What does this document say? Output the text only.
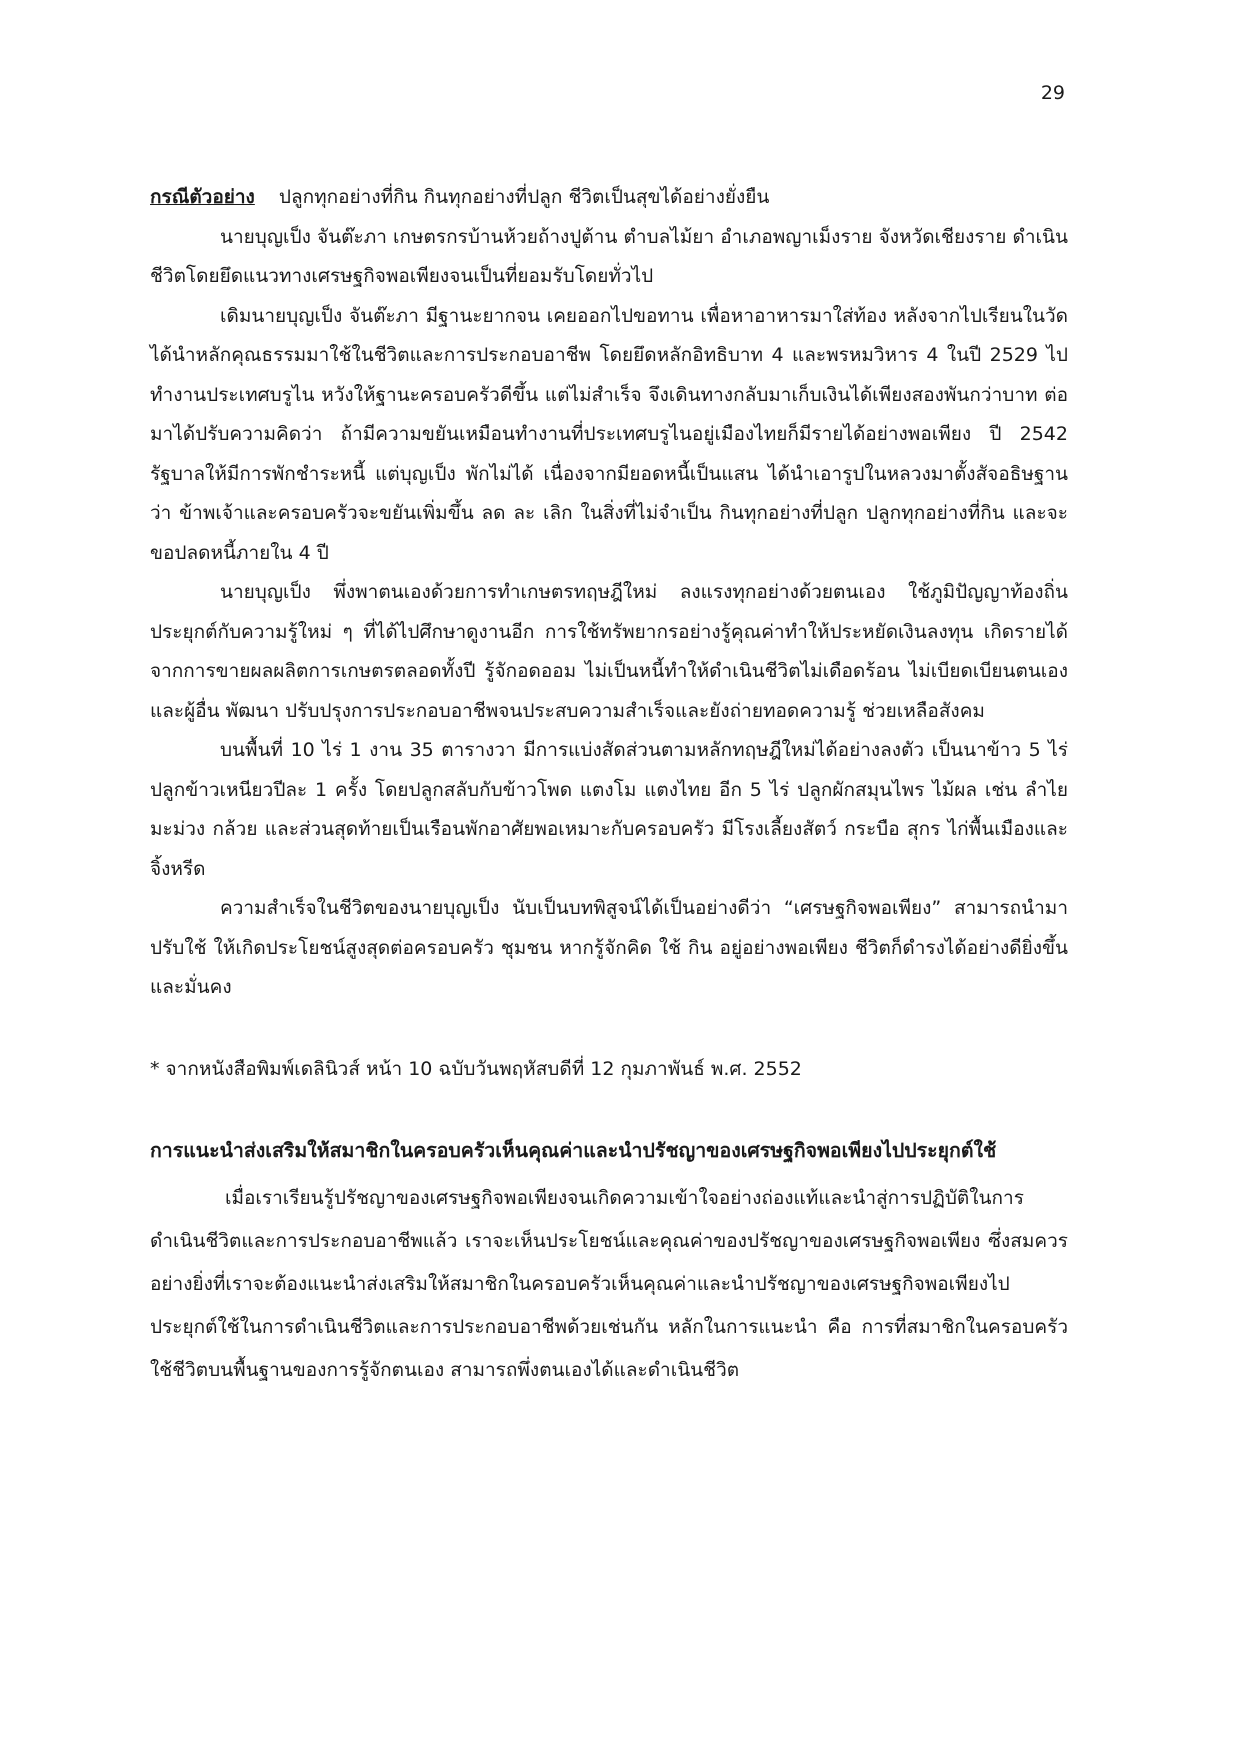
29

กรณีตัวอย่าง ปลูกทุกอย่างที่กิน กินทุกอย่างที่ปลูก ชีวิตเป็นสุขได้อย่างยั่งยืน

นายบุญเป็ง จันต๊ะภา เกษตรกรบ้านห้วยถ้างปูต้าน ตำบลไม้ยา อำเภอพญาเม็งราย จังหวัดเชียงราย ดำเนินชีวิตโดยยึดแนวทางเศรษฐกิจพอเพียงจนเป็นที่ยอมรับโดยทั่วไป

เดิมนายบุญเป็ง จันต๊ะภา มีฐานะยากจน เคยออกไปขอทาน เพื่อหาอาหารมาใส่ท้อง หลังจากไปเรียนในวัดได้นำหลักคุณธรรมมาใช้ในชีวิตและการประกอบอาชีพ โดยยึดหลักอิทธิบาท 4 และพรหมวิหาร 4 ในปี 2529 ไปทำงานประเทศบรูไน หวังให้ฐานะครอบครัวดีขึ้น แต่ไม่สำเร็จ จึงเดินทางกลับมาเก็บเงินได้เพียงสองพันกว่าบาท ต่อมาได้ปรับความคิดว่า ถ้ามีความขยันเหมือนทำงานที่ประเทศบรูไนอยู่เมืองไทยก็มีรายได้อย่างพอเพียง ปี 2542 รัฐบาลให้มีการพักชำระหนี้ แต่บุญเป็ง พักไม่ได้ เนื่องจากมียอดหนี้เป็นแสน ได้นำเอารูปในหลวงมาตั้งสัจอธิษฐานว่า ข้าพเจ้าและครอบครัวจะขยันเพิ่มขึ้น ลด ละ เลิก ในสิ่งที่ไม่จำเป็น กินทุกอย่างที่ปลูก ปลูกทุกอย่างที่กิน และจะขอปลดหนี้ภายใน 4 ปี

นายบุญเป็ง พึ่งพาตนเองด้วยการทำเกษตรทฤษฎีใหม่ ลงแรงทุกอย่างด้วยตนเอง ใช้ภูมิปัญญาท้องถิ่นประยุกต์กับความรู้ใหม่ ๆ ที่ได้ไปศึกษาดูงานอีก การใช้ทรัพยากรอย่างรู้คุณค่าทำให้ประหยัดเงินลงทุน เกิดรายได้จากการขายผลผลิตการเกษตรตลอดทั้งปี รู้จักอดออม ไม่เป็นหนี้ทำให้ดำเนินชีวิตไม่เดือดร้อน ไม่เบียดเบียนตนเองและผู้อื่น พัฒนา ปรับปรุงการประกอบอาชีพจนประสบความสำเร็จและยังถ่ายทอดความรู้ ช่วยเหลือสังคม

บนพื้นที่ 10 ไร่ 1 งาน 35 ตารางวา มีการแบ่งสัดส่วนตามหลักทฤษฎีใหม่ได้อย่างลงตัว เป็นนาข้าว 5 ไร่ ปลูกข้าวเหนียวปีละ 1 ครั้ง โดยปลูกสลับกับข้าวโพด แตงโม แตงไทย อีก 5 ไร่ ปลูกผักสมุนไพร ไม้ผล เช่น ลำไย มะม่วง กล้วย และส่วนสุดท้ายเป็นเรือนพักอาศัยพอเหมาะกับครอบครัว มีโรงเลี้ยงสัตว์ กระบือ สุกร ไก่พื้นเมืองและจิ้งหรีด

ความสำเร็จในชีวิตของนายบุญเป็ง นับเป็นบทพิสูจน์ได้เป็นอย่างดีว่า “เศรษฐกิจพอเพียง” สามารถนำมาปรับใช้ ให้เกิดประโยชน์สูงสุดต่อครอบครัว ชุมชน หากรู้จักคิด ใช้ กิน อยู่อย่างพอเพียง ชีวิตก็ดำรงได้อย่างดียิ่งขึ้นและมั่นคง

* จากหนังสือพิมพ์เดลินิวส์ หน้า 10 ฉบับวันพฤหัสบดีที่ 12 กุมภาพันธ์ พ.ศ. 2552

การแนะนำส่งเสริมให้สมาชิกในครอบครัวเห็นคุณค่าและนำปรัชญาของเศรษฐกิจพอเพียงไปประยุกต์ใช้

เมื่อเราเรียนรู้ปรัชญาของเศรษฐกิจพอเพียงจนเกิดความเข้าใจอย่างถ่องแท้และนำสู่การปฏิบัติในการดำเนินชีวิตและการประกอบอาชีพแล้ว เราจะเห็นประโยชน์และคุณค่าของปรัชญาของเศรษฐกิจพอเพียง ซึ่งสมควรอย่างยิ่งที่เราจะต้องแนะนำส่งเสริมให้สมาชิกในครอบครัวเห็นคุณค่าและนำปรัชญาของเศรษฐกิจพอเพียงไปประยุกต์ใช้ในการดำเนินชีวิตและการประกอบอาชีพด้วยเช่นกัน หลักในการแนะนำ คือ การที่สมาชิกในครอบครัวใช้ชีวิตบนพื้นฐานของการรู้จักตนเอง สามารถพึ่งตนเองได้และดำเนินชีวิต
